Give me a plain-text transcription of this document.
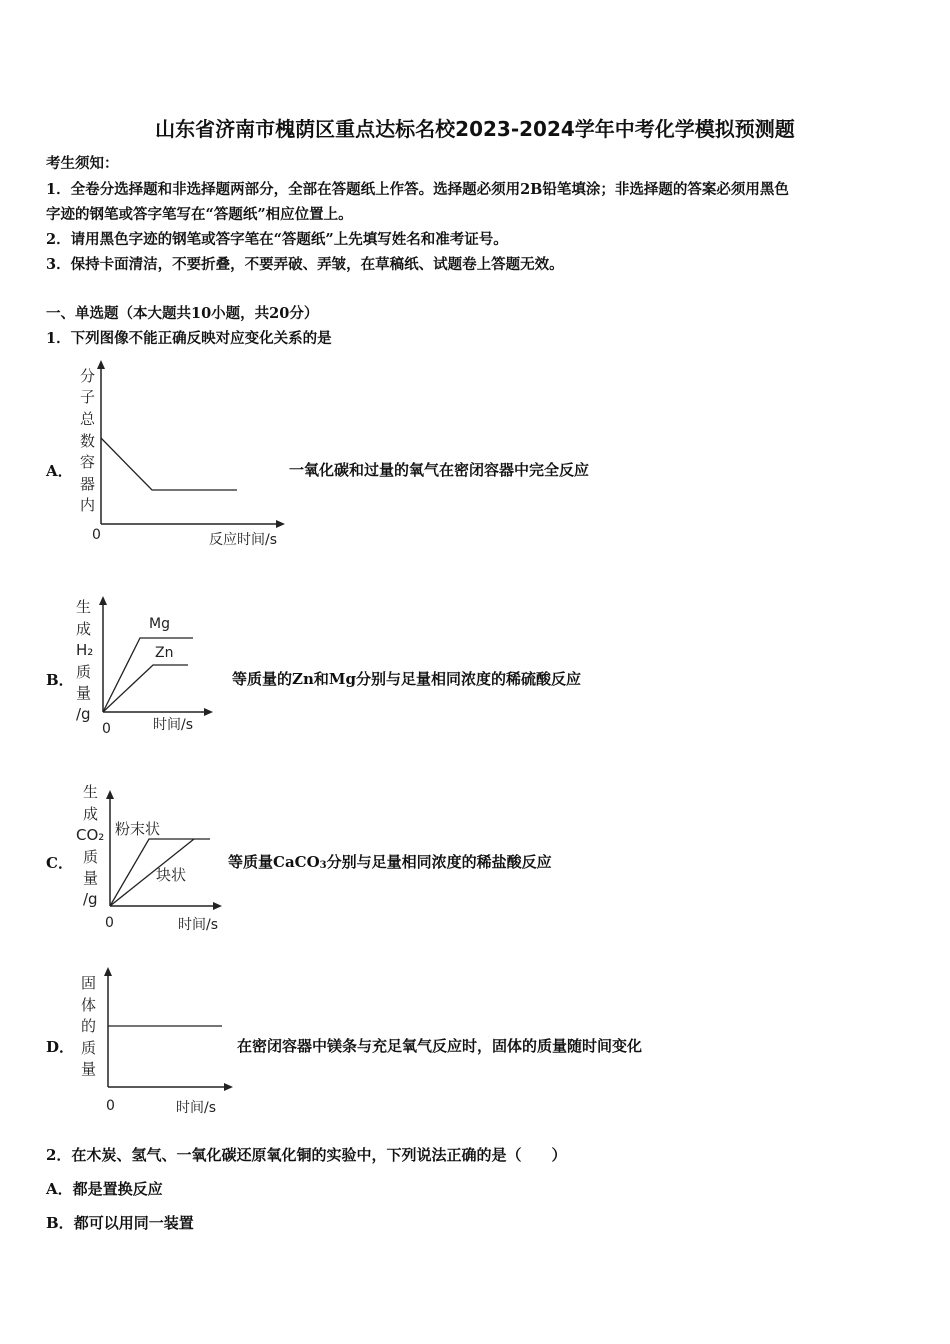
山东省济南市槐荫区重点达标名校2023-2024学年中考化学模拟预测题
考生须知：
1．全卷分选择题和非选择题两部分，全部在答题纸上作答。选择题必须用2B铅笔填涂；非选择题的答案必须用黑色
字迹的钢笔或答字笔写在“答题纸”相应位置上。
2．请用黑色字迹的钢笔或答字笔在“答题纸”上先填写姓名和准考证号。
3．保持卡面清洁，不要折叠，不要弄破、弄皱，在草稿纸、试题卷上答题无效。
一、单选题（本大题共10小题，共20分）
1．下列图像不能正确反映对应变化关系的是
A．
分
子
总
数
容
器
内
0	反应时间/s
一氧化碳和过量的氧气在密闭容器中完全反应
B．
生
成
H₂
质
量
/g
Mg
Zn
0	时间/s
等质量的Zn和Mg分别与足量相同浓度的稀硫酸反应
C．
生
成
CO₂
质
量
/g
粉末状
块状
0	时间/s
等质量CaCO3分别与足量相同浓度的稀盐酸反应
D．
固
体
的
质
量
0	时间/s
在密闭容器中镁条与充足氧气反应时，固体的质量随时间变化
2．在木炭、氢气、一氧化碳还原氧化铜的实验中，下列说法正确的是（　　）
A．都是置换反应
B．都可以用同一装置
